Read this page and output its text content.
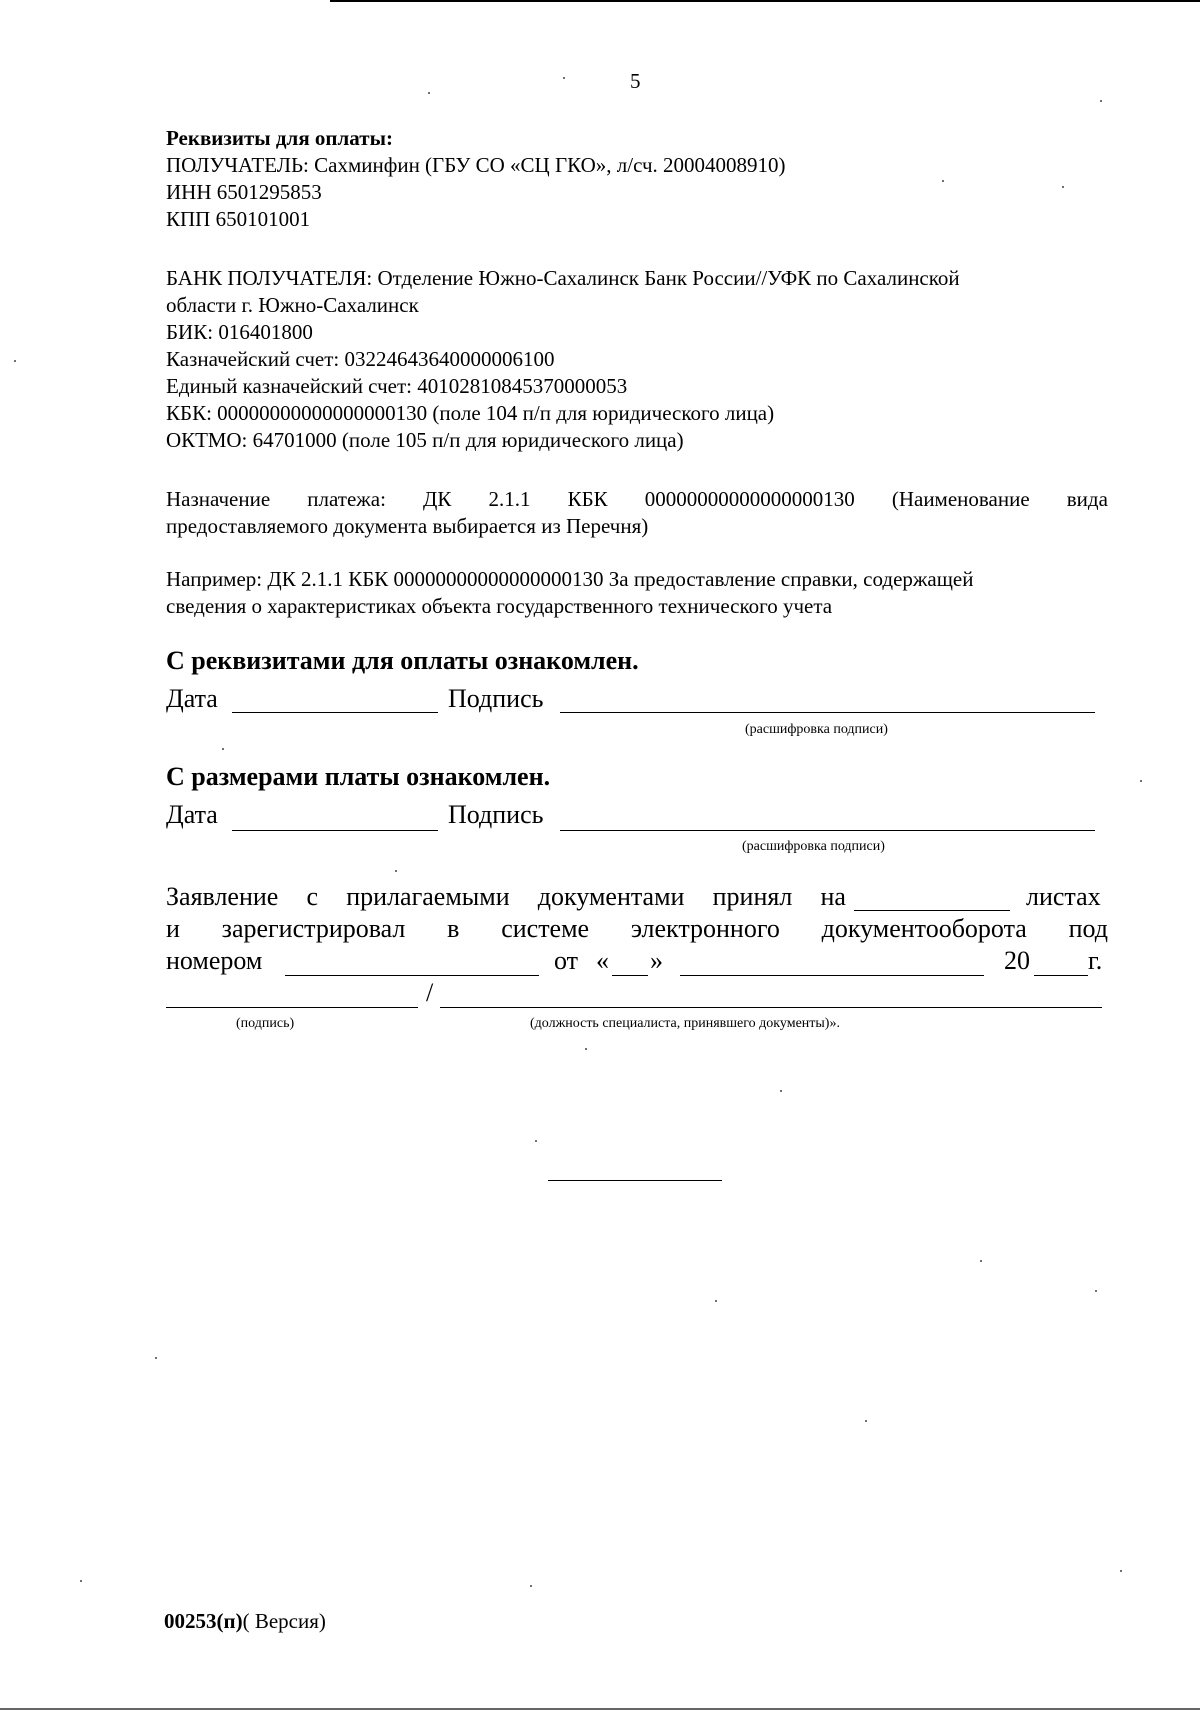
5
Реквизиты для оплаты:
ПОЛУЧАТЕЛЬ: Сахминфин (ГБУ СО «СЦ ГКО», л/сч. 20004008910)
ИНН 6501295853
КПП 650101001
БАНК ПОЛУЧАТЕЛЯ: Отделение Южно-Сахалинск Банк России//УФК по Сахалинской
области г. Южно-Сахалинск
БИК: 016401800
Казначейский счет: 03224643640000006100
Единый казначейский счет: 40102810845370000053
КБК: 00000000000000000130 (поле 104 п/п для юридического лица)
ОКТМО: 64701000 (поле 105 п/п для юридического лица)
Назначение платежа: ДК 2.1.1 КБК 00000000000000000130 (Наименование вида
предоставляемого документа выбирается из Перечня)
Например: ДК 2.1.1 КБК 00000000000000000130 За предоставление справки, содержащей
сведения о характеристиках объекта государственного технического учета
С реквизитами для оплаты ознакомлен.
Дата	Подпись
(расшифровка подписи)
С размерами платы ознакомлен.
Дата	Подпись
(расшифровка подписи)
Заявление с прилагаемыми документами принял на	листах
и зарегистрировал в системе электронного документооборота под
номером	от « »	20 г.
/
(подпись)	(должность специалиста, принявшего документы)».
00253(п)( Версия)
